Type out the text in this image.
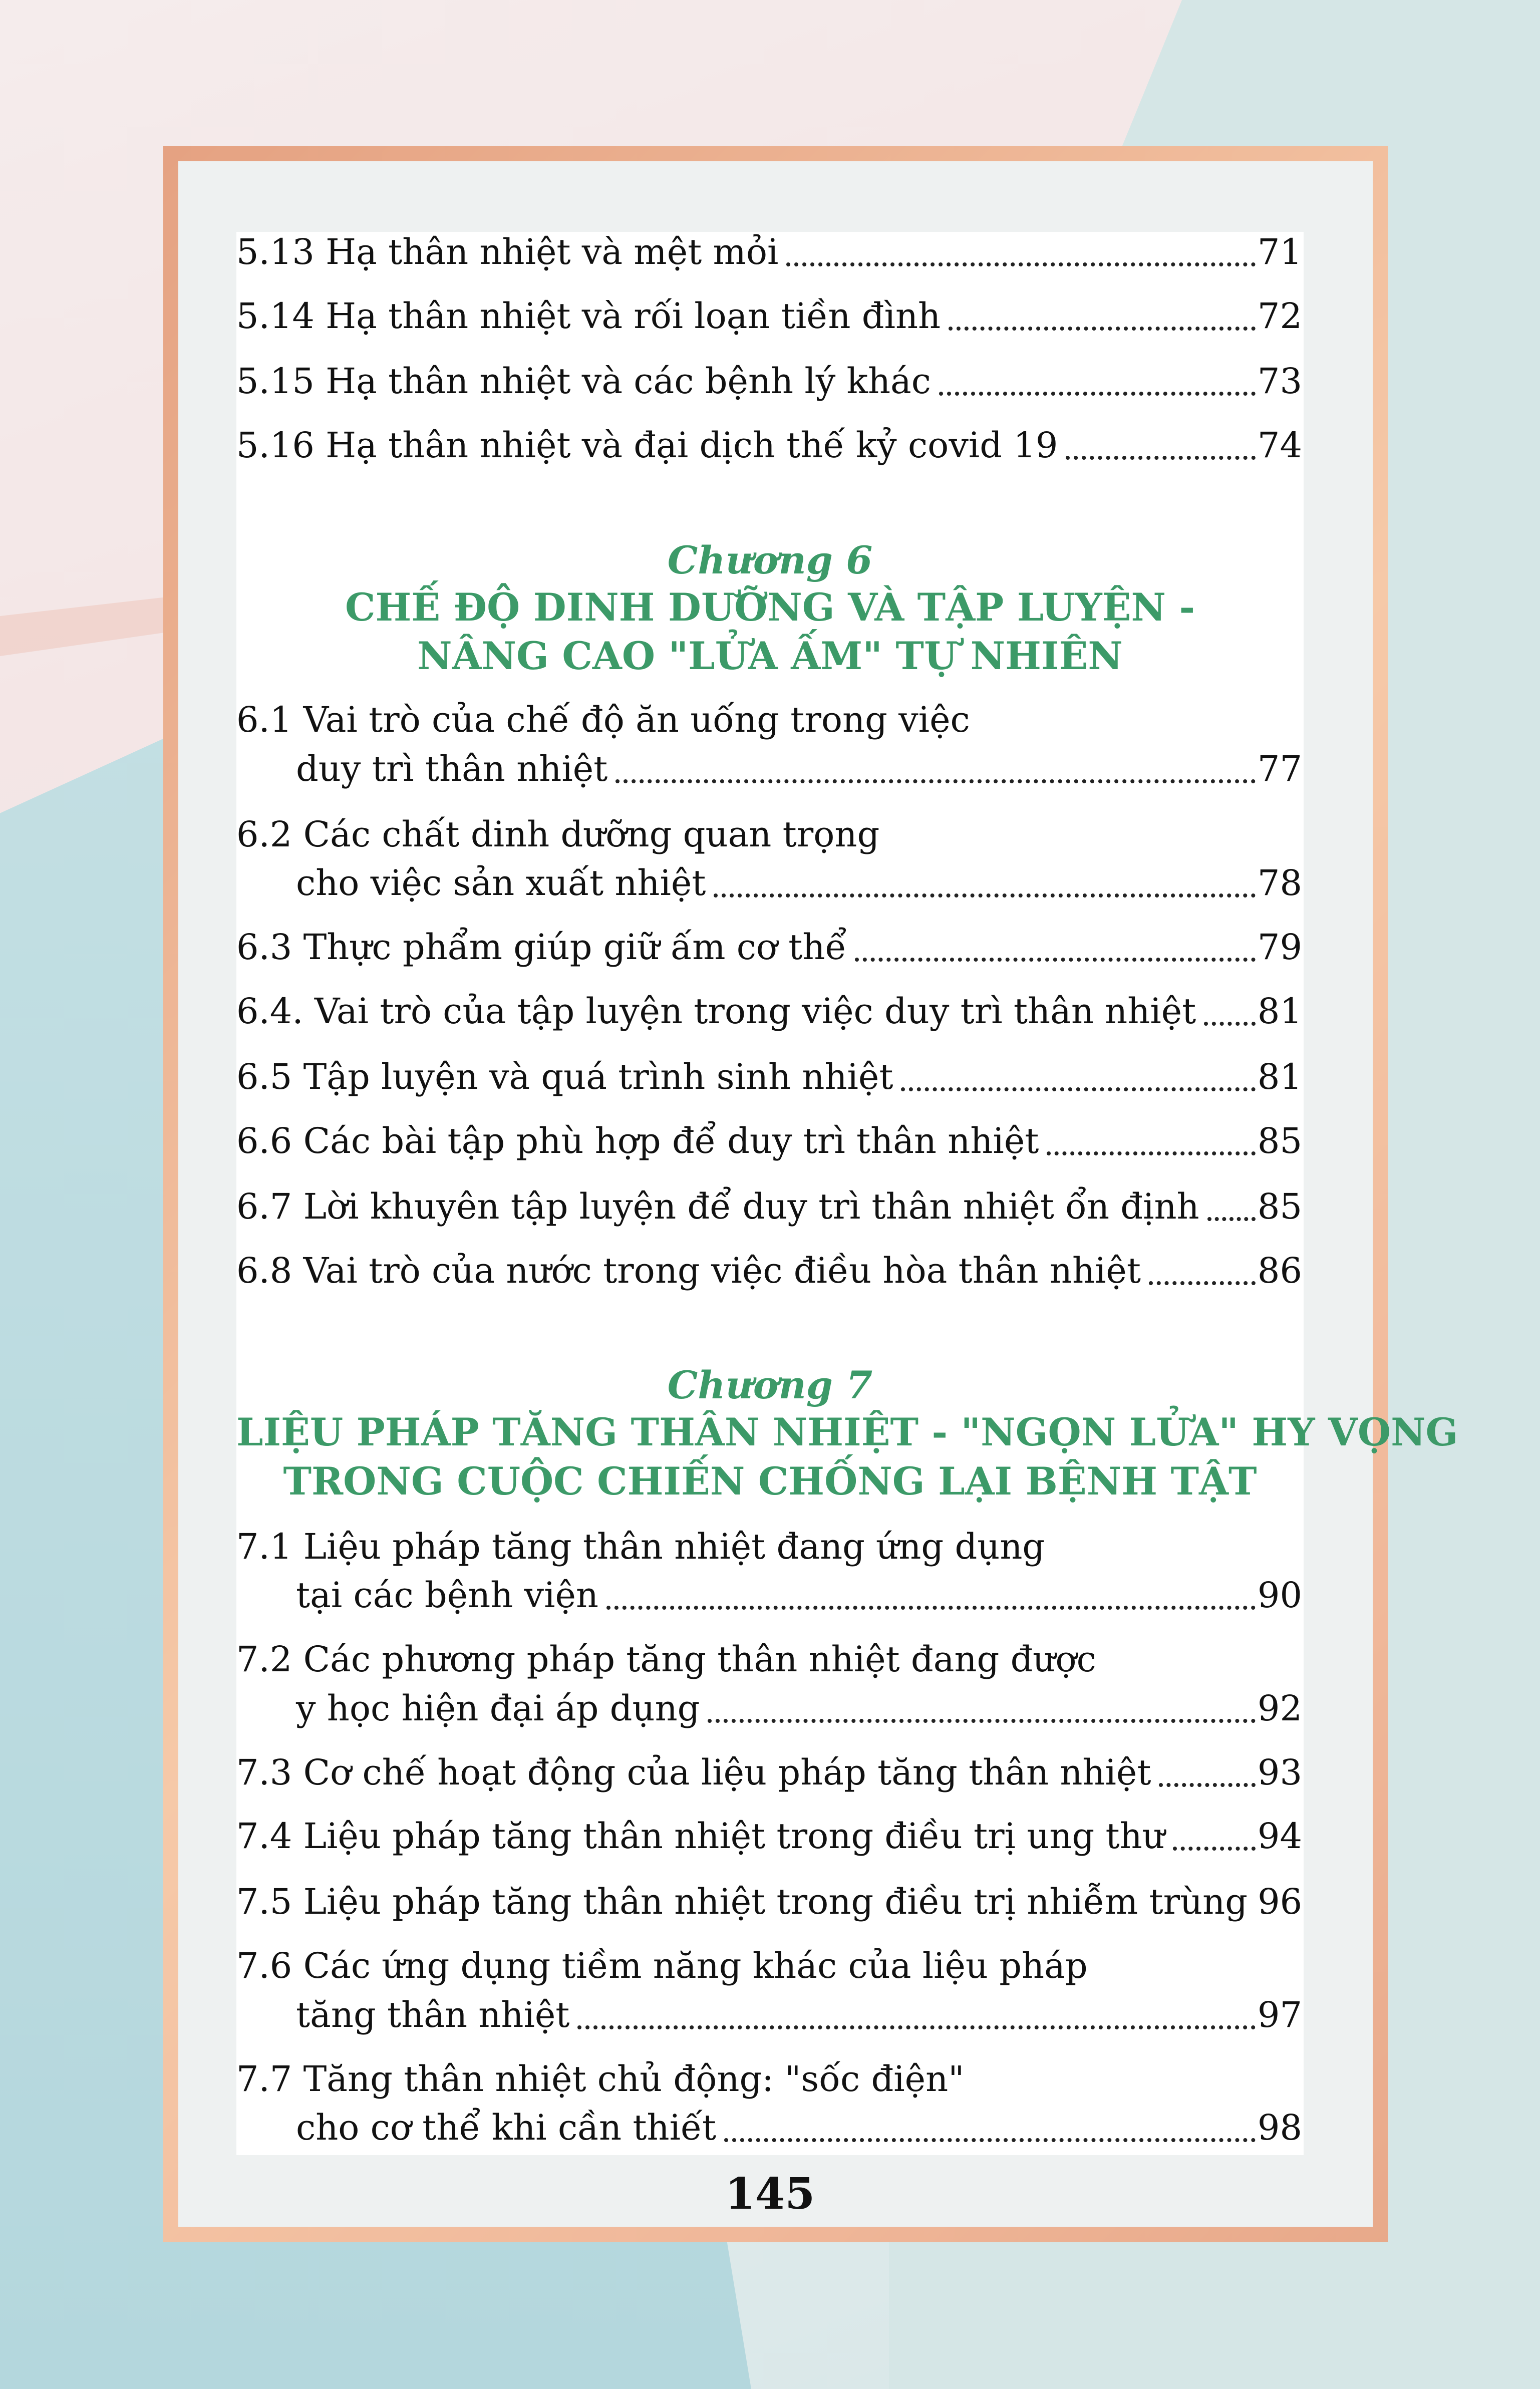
5.13 Hạ thân nhiệt và mệt mỏi	71
5.14 Hạ thân nhiệt và rối loạn tiền đình	72
5.15 Hạ thân nhiệt và các bệnh lý khác	73
5.16 Hạ thân nhiệt và đại dịch thế kỷ covid 19	74
Chương 6
CHẾ ĐỘ DINH DƯỠNG VÀ TẬP LUYỆN -
NÂNG CAO "LỬA ẤM" TỰ NHIÊN
6.1 Vai trò của chế độ ăn uống trong việc
duy trì thân nhiệt	77
6.2 Các chất dinh dưỡng quan trọng
cho việc sản xuất nhiệt	78
6.3 Thực phẩm giúp giữ ấm cơ thể	79
6.4. Vai trò của tập luyện trong việc duy trì thân nhiệt 81
6.5 Tập luyện và quá trình sinh nhiệt	81
6.6 Các bài tập phù hợp để duy trì thân nhiệt	85
6.7 Lời khuyên tập luyện để duy trì thân nhiệt ổn định 85
6.8 Vai trò của nước trong việc điều hòa thân nhiệt	86
Chương 7
LIỆU PHÁP TĂNG THÂN NHIỆT - "NGỌN LỬA" HY VỌNG
TRONG CUỘC CHIẾN CHỐNG LẠI BỆNH TẬT
7.1 Liệu pháp tăng thân nhiệt đang ứng dụng
tại các bệnh viện	90
7.2 Các phương pháp tăng thân nhiệt đang được
y học hiện đại áp dụng	92
7.3 Cơ chế hoạt động của liệu pháp tăng thân nhiệt	93
7.4 Liệu pháp tăng thân nhiệt trong điều trị ung thư	94
7.5 Liệu pháp tăng thân nhiệt trong điều trị nhiễm trùng 96
7.6 Các ứng dụng tiềm năng khác của liệu pháp
tăng thân nhiệt	97
7.7 Tăng thân nhiệt chủ động: "sốc điện"
cho cơ thể khi cần thiết	98
145
